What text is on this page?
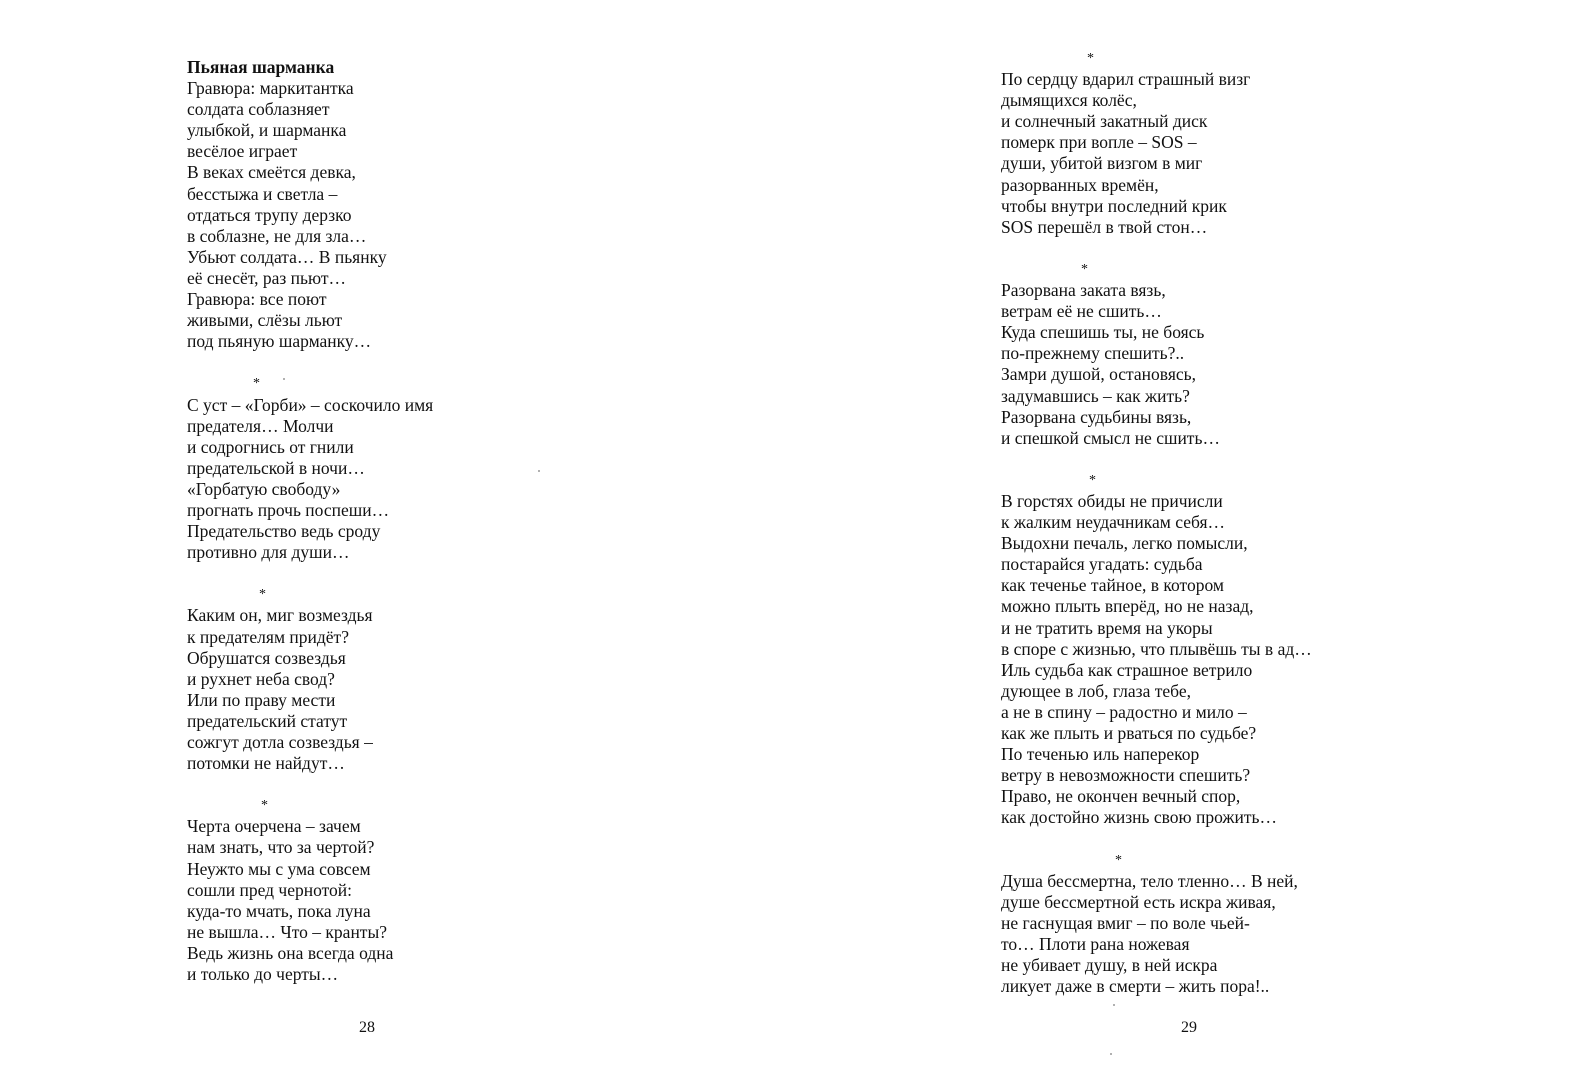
Пьяная шарманка
Гравюра: маркитантка
солдата соблазняет
улыбкой, и шарманка
весёлое играет
В веках смеётся девка,
бесстыжа и светла –
отдаться трупу дерзко
в соблазне, не для зла…
Убьют солдата… В пьянку
её снесёт, раз пьют…
Гравюра: все поют
живыми, слёзы льют
под пьяную шарманку…
*
С уст – «Горби» – соскочило имя
предателя… Молчи
и содрогнись от гнили
предательской в ночи…
«Горбатую свободу»
прогнать прочь поспеши…
Предательство ведь сроду
противно для души…
*
Каким он, миг возмездья
к предателям придёт?
Обрушатся созвездья
и рухнет неба свод?
Или по праву мести
предательский статут
сожгут дотла созвездья –
потомки не найдут…
*
Черта очерчена – зачем
нам знать, что за чертой?
Неужто мы с ума совсем
сошли пред чернотой:
куда-то мчать, пока луна
не вышла… Что – кранты?
Ведь жизнь она всегда одна
и только до черты…
28
*
По сердцу вдарил страшный визг
дымящихся колёс,
и солнечный закатный диск
померк при вопле – SOS –
души, убитой визгом в миг
разорванных времён,
чтобы внутри последний крик
SOS перешёл в твой стон…
*
Разорвана заката вязь,
ветрам её не сшить…
Куда спешишь ты, не боясь
по-прежнему спешить?..
Замри душой, остановясь,
задумавшись – как жить?
Разорвана судьбины вязь,
и спешкой смысл не сшить…
*
В горстях обиды не причисли
к жалким неудачникам себя…
Выдохни печаль, легко помысли,
постарайся угадать: судьба
как теченье тайное, в котором
можно плыть вперёд, но не назад,
и не тратить время на укоры
в споре с жизнью, что плывёшь ты в ад…
Иль судьба как страшное ветрило
дующее в лоб, глаза тебе,
а не в спину – радостно и мило –
как же плыть и рваться по судьбе?
По теченью иль наперекор
ветру в невозможности спешить?
Право, не окончен вечный спор,
как достойно жизнь свою прожить…
*
Душа бессмертна, тело тленно… В ней,
душе бессмертной есть искра живая,
не гаснущая вмиг – по воле чьей-
то… Плоти рана ножевая
не убивает душу, в ней искра
ликует даже в смерти – жить пора!..
29
